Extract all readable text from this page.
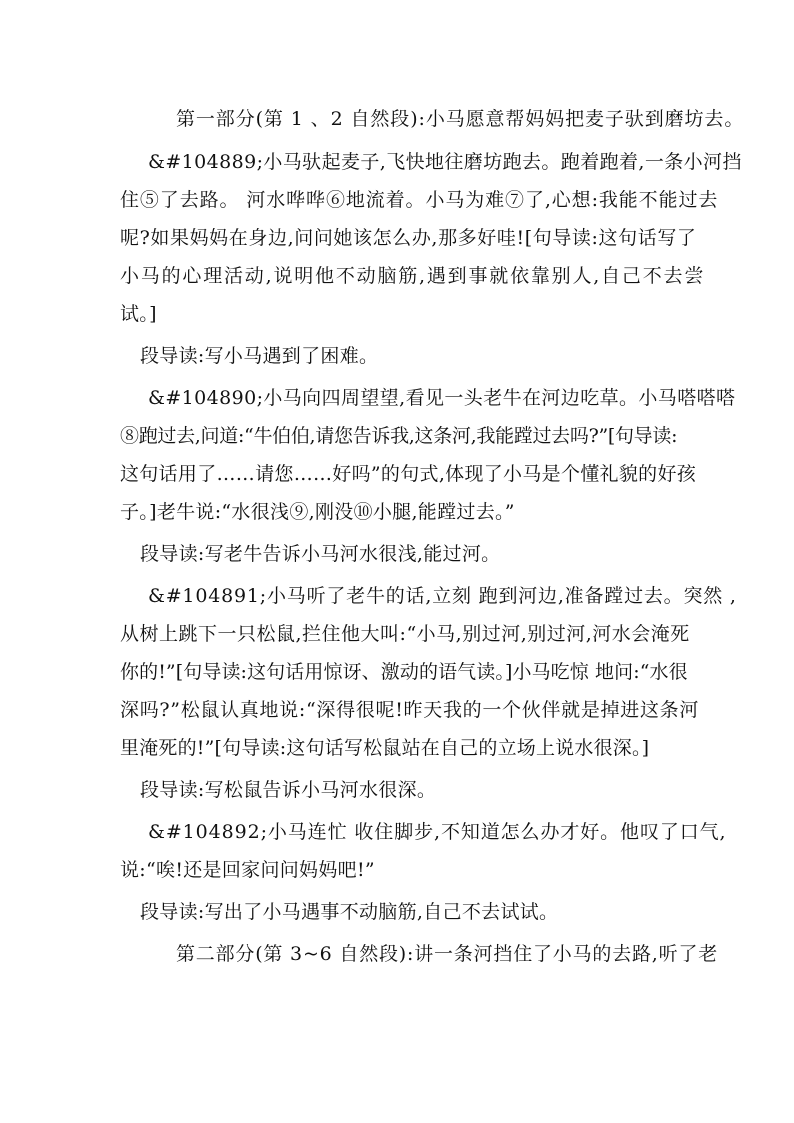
第一部分(第 1 、2 自然段):小马愿意帮妈妈把麦子驮到磨坊去。
&#104889;小马驮起麦子,飞快地往磨坊跑去。跑着跑着,一条小河挡
住⑤了去路。 河水哗哗⑥地流着。小马为难⑦了,心想:我能不能过去
呢?如果妈妈在身边,问问她该怎么办,那多好哇![句导读:这句话写了
小马的心理活动,说明他不动脑筋,遇到事就依靠别人,自己不去尝
试。]
段导读:写小马遇到了困难。
&#104890;小马向四周望望,看见一头老牛在河边吃草。小马嗒嗒嗒
⑧跑过去,问道:“牛伯伯,请您告诉我,这条河,我能蹚过去吗?”[句导读:
这句话用了……请您……好吗”的句式,体现了小马是个懂礼貌的好孩
子。]老牛说:“水很浅⑨,刚没⑩小腿,能蹚过去。”
段导读:写老牛告诉小马河水很浅,能过河。
&#104891;小马听了老牛的话,立刻 跑到河边,准备蹚过去。突然 ,
从树上跳下一只松鼠,拦住他大叫:“小马,别过河,别过河,河水会淹死
你的!”[句导读:这句话用惊讶、激动的语气读。]小马吃惊 地问:“水很
深吗?”松鼠认真地说:“深得很呢!昨天我的一个伙伴就是掉进这条河
里淹死的!”[句导读:这句话写松鼠站在自己的立场上说水很深。]
段导读:写松鼠告诉小马河水很深。
&#104892;小马连忙 收住脚步,不知道怎么办才好。他叹了口气,
说:“唉!还是回家问问妈妈吧!”
段导读:写出了小马遇事不动脑筋,自己不去试试。
第二部分(第 3~6 自然段):讲一条河挡住了小马的去路,听了老
